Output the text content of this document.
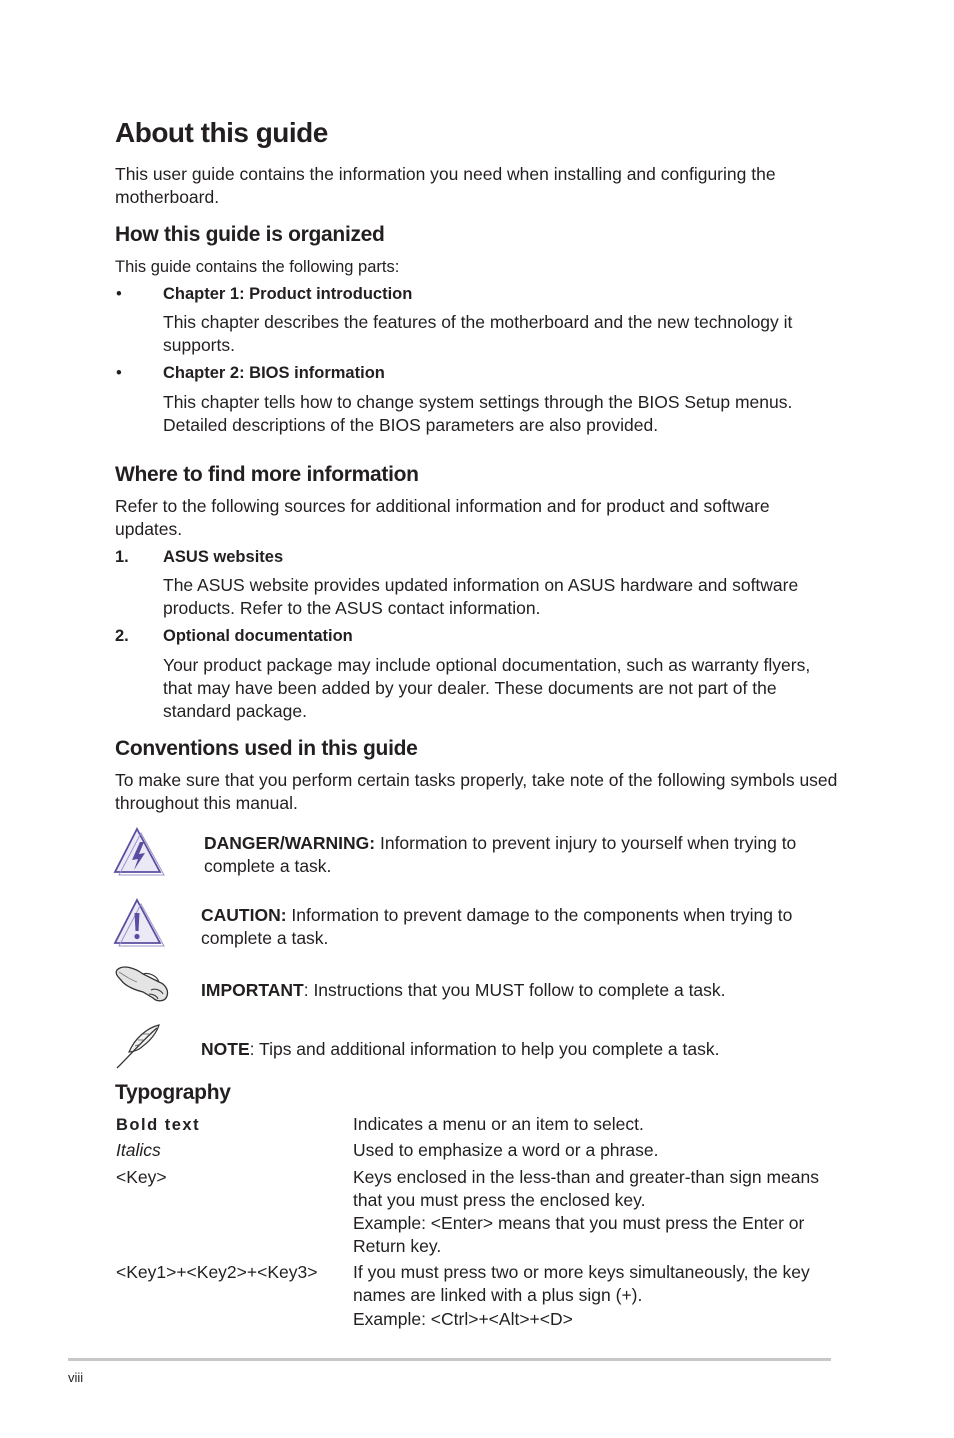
About this guide
This user guide contains the information you need when installing and configuring the motherboard.
How this guide is organized
This guide contains the following parts:
• Chapter 1: Product introduction
This chapter describes the features of the motherboard and the new technology it supports.
• Chapter 2: BIOS information
This chapter tells how to change system settings through the BIOS Setup menus. Detailed descriptions of the BIOS parameters are also provided.
Where to find more information
Refer to the following sources for additional information and for product and software updates.
1. ASUS websites
The ASUS website provides updated information on ASUS hardware and software products. Refer to the ASUS contact information.
2. Optional documentation
Your product package may include optional documentation, such as warranty flyers, that may have been added by your dealer. These documents are not part of the standard package.
Conventions used in this guide
To make sure that you perform certain tasks properly, take note of the following symbols used throughout this manual.
DANGER/WARNING: Information to prevent injury to yourself when trying to complete a task.
CAUTION: Information to prevent damage to the components when trying to complete a task.
IMPORTANT: Instructions that you MUST follow to complete a task.
NOTE: Tips and additional information to help you complete a task.
Typography
Bold text	Indicates a menu or an item to select.
Italics	Used to emphasize a word or a phrase.
<Key>	Keys enclosed in the less-than and greater-than sign means that you must press the enclosed key.
Example: <Enter> means that you must press the Enter or Return key.
<Key1>+<Key2>+<Key3> If you must press two or more keys simultaneously, the key names are linked with a plus sign (+).
Example: <Ctrl>+<Alt>+<D>
viii
